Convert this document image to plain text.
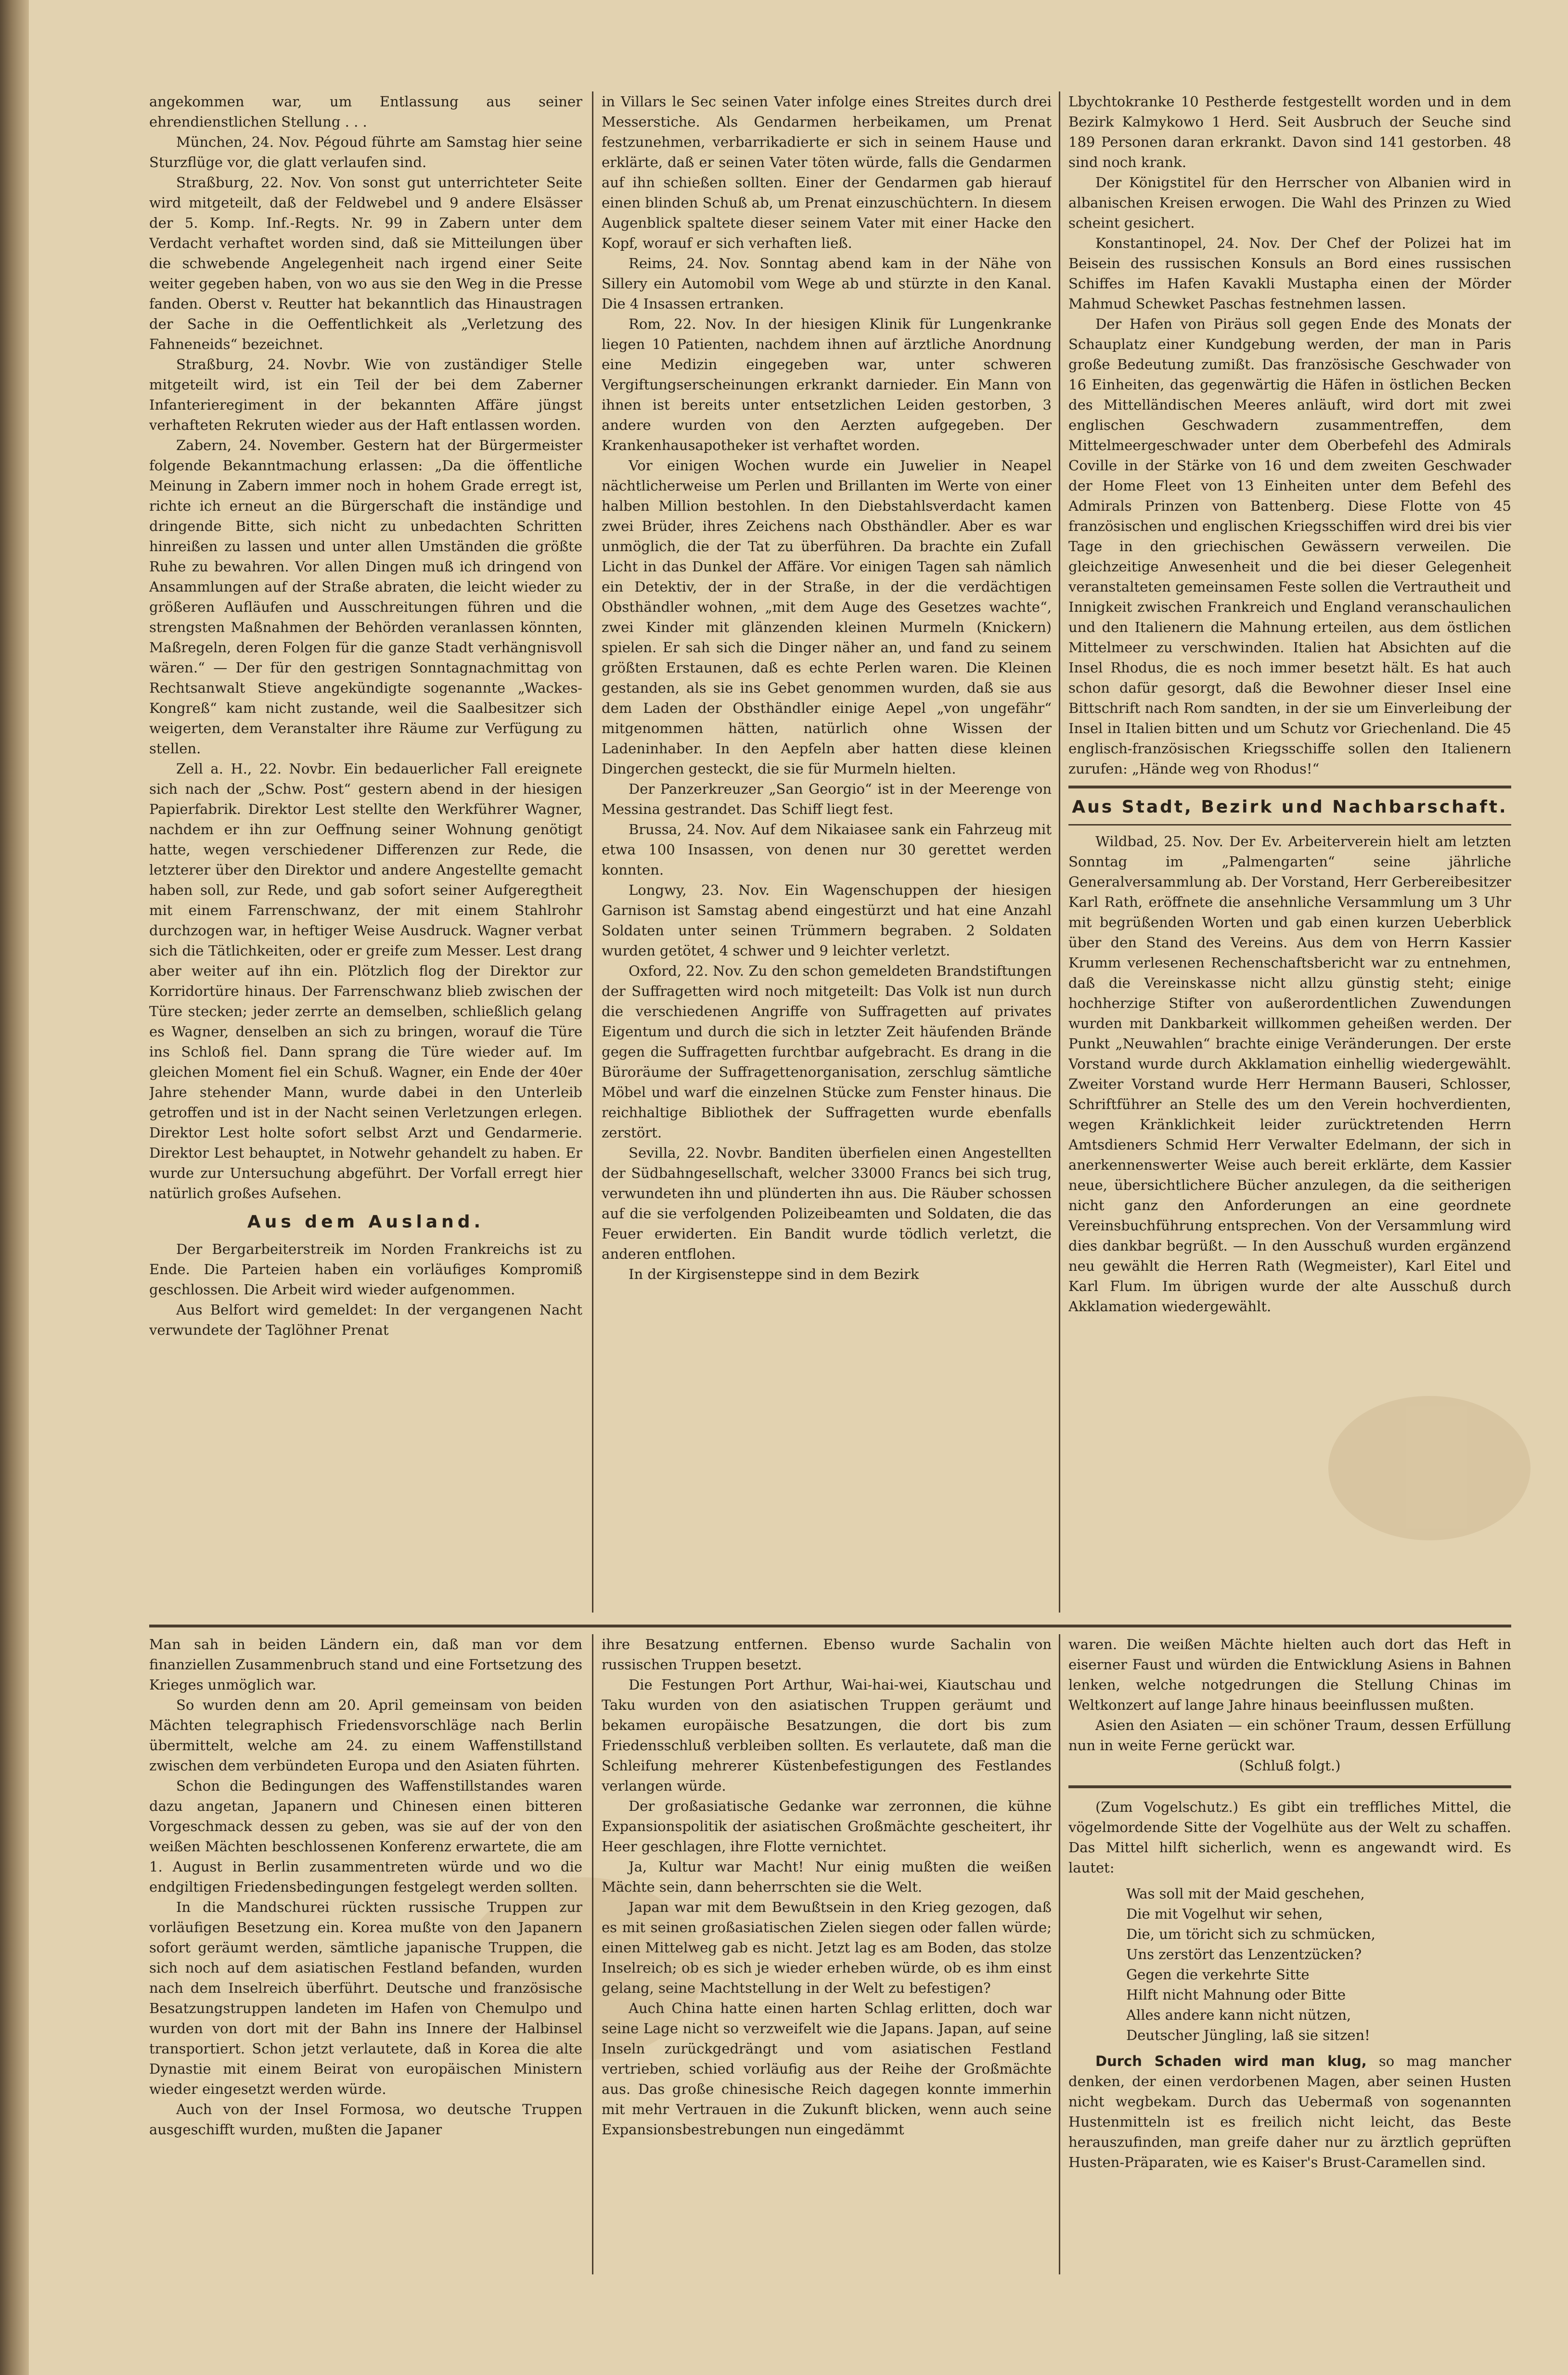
angekommen war, um Entlassung aus seiner ehrendienstlichen Stellung . . .

München, 24. Nov. Pégoud führte am Samstag hier seine Sturzflüge vor, die glatt verlaufen sind.

Straßburg, 22. Nov. Von sonst gut unterrichteter Seite wird mitgeteilt, daß der Feldwebel und 9 andere Elsässer der 5. Komp. Inf.-Regts. Nr. 99 in Zabern unter dem Verdacht verhaftet worden sind, daß sie Mitteilungen über die schwebende Angelegenheit nach irgend einer Seite weiter gegeben haben, von wo aus sie den Weg in die Presse fanden. Oberst v. Reutter hat bekanntlich das Hinaustragen der Sache in die Oeffentlichkeit als „Verletzung des Fahneneids“ bezeichnet.

Straßburg, 24. Novbr. Wie von zuständiger Stelle mitgeteilt wird, ist ein Teil der bei dem Zaberner Infanterieregiment in der bekannten Affäre jüngst verhafteten Rekruten wieder aus der Haft entlassen worden.

Zabern, 24. November. Gestern hat der Bürgermeister folgende Bekanntmachung erlassen: „Da die öffentliche Meinung in Zabern immer noch in hohem Grade erregt ist, richte ich erneut an die Bürgerschaft die inständige und dringende Bitte, sich nicht zu unbedachten Schritten hinreißen zu lassen und unter allen Umständen die größte Ruhe zu bewahren. Vor allen Dingen muß ich dringend von Ansammlungen auf der Straße abraten, die leicht wieder zu größeren Aufläufen und Ausschreitungen führen und die strengsten Maßnahmen der Behörden veranlassen könnten, Maßregeln, deren Folgen für die ganze Stadt verhängnisvoll wären.“ — Der für den gestrigen Sonntagnachmittag von Rechtsanwalt Stieve angekündigte sogenannte „Wackes-Kongreß“ kam nicht zustande, weil die Saalbesitzer sich weigerten, dem Veranstalter ihre Räume zur Verfügung zu stellen.

Zell a. H., 22. Novbr. Ein bedauerlicher Fall ereignete sich nach der „Schw. Post“ gestern abend in der hiesigen Papierfabrik. Direktor Lest stellte den Werkführer Wagner, nachdem er ihn zur Oeffnung seiner Wohnung genötigt hatte, wegen verschiedener Differenzen zur Rede, die letzterer über den Direktor und andere Angestellte gemacht haben soll, zur Rede, und gab sofort seiner Aufgeregtheit mit einem Farrenschwanz, der mit einem Stahlrohr durchzogen war, in heftiger Weise Ausdruck. Wagner verbat sich die Tätlichkeiten, oder er greife zum Messer. Lest drang aber weiter auf ihn ein. Plötzlich flog der Direktor zur Korridortüre hinaus. Der Farrenschwanz blieb zwischen der Türe stecken; jeder zerrte an demselben, schließlich gelang es Wagner, denselben an sich zu bringen, worauf die Türe ins Schloß fiel. Dann sprang die Türe wieder auf. Im gleichen Moment fiel ein Schuß. Wagner, ein Ende der 40er Jahre stehender Mann, wurde dabei in den Unterleib getroffen und ist in der Nacht seinen Verletzungen erlegen. Direktor Lest holte sofort selbst Arzt und Gendarmerie. Direktor Lest behauptet, in Notwehr gehandelt zu haben. Er wurde zur Untersuchung abgeführt. Der Vorfall erregt hier natürlich großes Aufsehen.

Aus dem Ausland.

Der Bergarbeiterstreik im Norden Frankreichs ist zu Ende. Die Parteien haben ein vorläufiges Kompromiß geschlossen. Die Arbeit wird wieder aufgenommen.

Aus Belfort wird gemeldet: In der vergangenen Nacht verwundete der Taglöhner Prenat

in Villars le Sec seinen Vater infolge eines Streites durch drei Messerstiche. Als Gendarmen herbeikamen, um Prenat festzunehmen, verbarrikadierte er sich in seinem Hause und erklärte, daß er seinen Vater töten würde, falls die Gendarmen auf ihn schießen sollten. Einer der Gendarmen gab hierauf einen blinden Schuß ab, um Prenat einzuschüchtern. In diesem Augenblick spaltete dieser seinem Vater mit einer Hacke den Kopf, worauf er sich verhaften ließ.

Reims, 24. Nov. Sonntag abend kam in der Nähe von Sillery ein Automobil vom Wege ab und stürzte in den Kanal. Die 4 Insassen ertranken.

Rom, 22. Nov. In der hiesigen Klinik für Lungenkranke liegen 10 Patienten, nachdem ihnen auf ärztliche Anordnung eine Medizin eingegeben war, unter schweren Vergiftungserscheinungen erkrankt darnieder. Ein Mann von ihnen ist bereits unter entsetzlichen Leiden gestorben, 3 andere wurden von den Aerzten aufgegeben. Der Krankenhausapotheker ist verhaftet worden.

Vor einigen Wochen wurde ein Juwelier in Neapel nächtlicherweise um Perlen und Brillanten im Werte von einer halben Million bestohlen. In den Diebstahlsverdacht kamen zwei Brüder, ihres Zeichens nach Obsthändler. Aber es war unmöglich, die der Tat zu überführen. Da brachte ein Zufall Licht in das Dunkel der Affäre. Vor einigen Tagen sah nämlich ein Detektiv, der in der Straße, in der die verdächtigen Obsthändler wohnen, „mit dem Auge des Gesetzes wachte“, zwei Kinder mit glänzenden kleinen Murmeln (Knickern) spielen. Er sah sich die Dinger näher an, und fand zu seinem größten Erstaunen, daß es echte Perlen waren. Die Kleinen gestanden, als sie ins Gebet genommen wurden, daß sie aus dem Laden der Obsthändler einige Aepel „von ungefähr“ mitgenommen hätten, natürlich ohne Wissen der Ladeninhaber. In den Aepfeln aber hatten diese kleinen Dingerchen gesteckt, die sie für Murmeln hielten.

Der Panzerkreuzer „San Georgio“ ist in der Meerenge von Messina gestrandet. Das Schiff liegt fest.

Brussa, 24. Nov. Auf dem Nikaiasee sank ein Fahrzeug mit etwa 100 Insassen, von denen nur 30 gerettet werden konnten.

Longwy, 23. Nov. Ein Wagenschuppen der hiesigen Garnison ist Samstag abend eingestürzt und hat eine Anzahl Soldaten unter seinen Trümmern begraben. 2 Soldaten wurden getötet, 4 schwer und 9 leichter verletzt.

Oxford, 22. Nov. Zu den schon gemeldeten Brandstiftungen der Suffragetten wird noch mitgeteilt: Das Volk ist nun durch die verschiedenen Angriffe von Suffragetten auf privates Eigentum und durch die sich in letzter Zeit häufenden Brände gegen die Suffragetten furchtbar aufgebracht. Es drang in die Büroräume der Suffragettenorganisation, zerschlug sämtliche Möbel und warf die einzelnen Stücke zum Fenster hinaus. Die reichhaltige Bibliothek der Suffragetten wurde ebenfalls zerstört.

Sevilla, 22. Novbr. Banditen überfielen einen Angestellten der Südbahngesellschaft, welcher 33000 Francs bei sich trug, verwundeten ihn und plünderten ihn aus. Die Räuber schossen auf die sie verfolgenden Polizeibeamten und Soldaten, die das Feuer erwiderten. Ein Bandit wurde tödlich verletzt, die anderen entflohen.

In der Kirgisensteppe sind in dem Bezirk

Lbychtokranke 10 Pestherde festgestellt worden und in dem Bezirk Kalmykowo 1 Herd. Seit Ausbruch der Seuche sind 189 Personen daran erkrankt. Davon sind 141 gestorben. 48 sind noch krank.

Der Königstitel für den Herrscher von Albanien wird in albanischen Kreisen erwogen. Die Wahl des Prinzen zu Wied scheint gesichert.

Konstantinopel, 24. Nov. Der Chef der Polizei hat im Beisein des russischen Konsuls an Bord eines russischen Schiffes im Hafen Kavakli Mustapha einen der Mörder Mahmud Schewket Paschas festnehmen lassen.

Der Hafen von Piräus soll gegen Ende des Monats der Schauplatz einer Kundgebung werden, der man in Paris große Bedeutung zumißt. Das französische Geschwader von 16 Einheiten, das gegenwärtig die Häfen in östlichen Becken des Mittelländischen Meeres anläuft, wird dort mit zwei englischen Geschwadern zusammentreffen, dem Mittelmeergeschwader unter dem Oberbefehl des Admirals Coville in der Stärke von 16 und dem zweiten Geschwader der Home Fleet von 13 Einheiten unter dem Befehl des Admirals Prinzen von Battenberg. Diese Flotte von 45 französischen und englischen Kriegsschiffen wird drei bis vier Tage in den griechischen Gewässern verweilen. Die gleichzeitige Anwesenheit und die bei dieser Gelegenheit veranstalteten gemeinsamen Feste sollen die Vertrautheit und Innigkeit zwischen Frankreich und England veranschaulichen und den Italienern die Mahnung erteilen, aus dem östlichen Mittelmeer zu verschwinden. Italien hat Absichten auf die Insel Rhodus, die es noch immer besetzt hält. Es hat auch schon dafür gesorgt, daß die Bewohner dieser Insel eine Bittschrift nach Rom sandten, in der sie um Einverleibung der Insel in Italien bitten und um Schutz vor Griechenland. Die 45 englisch-französischen Kriegsschiffe sollen den Italienern zurufen: „Hände weg von Rhodus!“

Aus Stadt, Bezirk und Nachbarschaft.

Wildbad, 25. Nov. Der Ev. Arbeiterverein hielt am letzten Sonntag im „Palmengarten“ seine jährliche Generalversammlung ab. Der Vorstand, Herr Gerbereibesitzer Karl Rath, eröffnete die ansehnliche Versammlung um 3 Uhr mit begrüßenden Worten und gab einen kurzen Ueberblick über den Stand des Vereins. Aus dem von Herrn Kassier Krumm verlesenen Rechenschaftsbericht war zu entnehmen, daß die Vereinskasse nicht allzu günstig steht; einige hochherzige Stifter von außerordentlichen Zuwendungen wurden mit Dankbarkeit willkommen geheißen werden. Der Punkt „Neuwahlen“ brachte einige Veränderungen. Der erste Vorstand wurde durch Akklamation einhellig wiedergewählt. Zweiter Vorstand wurde Herr Hermann Bauseri, Schlosser, Schriftführer an Stelle des um den Verein hochverdienten, wegen Kränklichkeit leider zurücktretenden Herrn Amtsdieners Schmid Herr Verwalter Edelmann, der sich in anerkennenswerter Weise auch bereit erklärte, dem Kassier neue, übersichtlichere Bücher anzulegen, da die seitherigen nicht ganz den Anforderungen an eine geordnete Vereinsbuchführung entsprechen. Von der Versammlung wird dies dankbar begrüßt. — In den Ausschuß wurden ergänzend neu gewählt die Herren Rath (Wegmeister), Karl Eitel und Karl Flum. Im übrigen wurde der alte Ausschuß durch Akklamation wiedergewählt.

Man sah in beiden Ländern ein, daß man vor dem finanziellen Zusammenbruch stand und eine Fortsetzung des Krieges unmöglich war.

So wurden denn am 20. April gemeinsam von beiden Mächten telegraphisch Friedensvorschläge nach Berlin übermittelt, welche am 24. zu einem Waffenstillstand zwischen dem verbündeten Europa und den Asiaten führten.

Schon die Bedingungen des Waffenstillstandes waren dazu angetan, Japanern und Chinesen einen bitteren Vorgeschmack dessen zu geben, was sie auf der von den weißen Mächten beschlossenen Konferenz erwartete, die am 1. August in Berlin zusammentreten würde und wo die endgiltigen Friedensbedingungen festgelegt werden sollten.

In die Mandschurei rückten russische Truppen zur vorläufigen Besetzung ein. Korea mußte von den Japanern sofort geräumt werden, sämtliche japanische Truppen, die sich noch auf dem asiatischen Festland befanden, wurden nach dem Inselreich überführt. Deutsche und französische Besatzungstruppen landeten im Hafen von Chemulpo und wurden von dort mit der Bahn ins Innere der Halbinsel transportiert. Schon jetzt verlautete, daß in Korea die alte Dynastie mit einem Beirat von europäischen Ministern wieder eingesetzt werden würde.

Auch von der Insel Formosa, wo deutsche Truppen ausgeschifft wurden, mußten die Japaner

ihre Besatzung entfernen. Ebenso wurde Sachalin von russischen Truppen besetzt.

Die Festungen Port Arthur, Wai-hai-wei, Kiautschau und Taku wurden von den asiatischen Truppen geräumt und bekamen europäische Besatzungen, die dort bis zum Friedensschluß verbleiben sollten. Es verlautete, daß man die Schleifung mehrerer Küstenbefestigungen des Festlandes verlangen würde.

Der großasiatische Gedanke war zerronnen, die kühne Expansionspolitik der asiatischen Großmächte gescheitert, ihr Heer geschlagen, ihre Flotte vernichtet.

Ja, Kultur war Macht! Nur einig mußten die weißen Mächte sein, dann beherrschten sie die Welt.

Japan war mit dem Bewußtsein in den Krieg gezogen, daß es mit seinen großasiatischen Zielen siegen oder fallen würde; einen Mittelweg gab es nicht. Jetzt lag es am Boden, das stolze Inselreich; ob es sich je wieder erheben würde, ob es ihm einst gelang, seine Machtstellung in der Welt zu befestigen?

Auch China hatte einen harten Schlag erlitten, doch war seine Lage nicht so verzweifelt wie die Japans. Japan, auf seine Inseln zurückgedrängt und vom asiatischen Festland vertrieben, schied vorläufig aus der Reihe der Großmächte aus. Das große chinesische Reich dagegen konnte immerhin mit mehr Vertrauen in die Zukunft blicken, wenn auch seine Expansionsbestrebungen nun eingedämmt

waren. Die weißen Mächte hielten auch dort das Heft in eiserner Faust und würden die Entwicklung Asiens in Bahnen lenken, welche notgedrungen die Stellung Chinas im Weltkonzert auf lange Jahre hinaus beeinflussen mußten.

Asien den Asiaten — ein schöner Traum, dessen Erfüllung nun in weite Ferne gerückt war.

(Schluß folgt.)

(Zum Vogelschutz.) Es gibt ein treffliches Mittel, die vögelmordende Sitte der Vogelhüte aus der Welt zu schaffen. Das Mittel hilft sicherlich, wenn es angewandt wird. Es lautet:

Was soll mit der Maid geschehen,
Die mit Vogelhut wir sehen,
Die, um töricht sich zu schmücken,
Uns zerstört das Lenzentzücken?
Gegen die verkehrte Sitte
Hilft nicht Mahnung oder Bitte
Alles andere kann nicht nützen,
Deutscher Jüngling, laß sie sitzen!

Durch Schaden wird man klug, so mag mancher denken, der einen verdorbenen Magen, aber seinen Husten nicht wegbekam. Durch das Uebermaß von sogenannten Hustenmitteln ist es freilich nicht leicht, das Beste herauszufinden, man greife daher nur zu ärztlich geprüften Husten-Präparaten, wie es Kaiser's Brust-Caramellen sind.
